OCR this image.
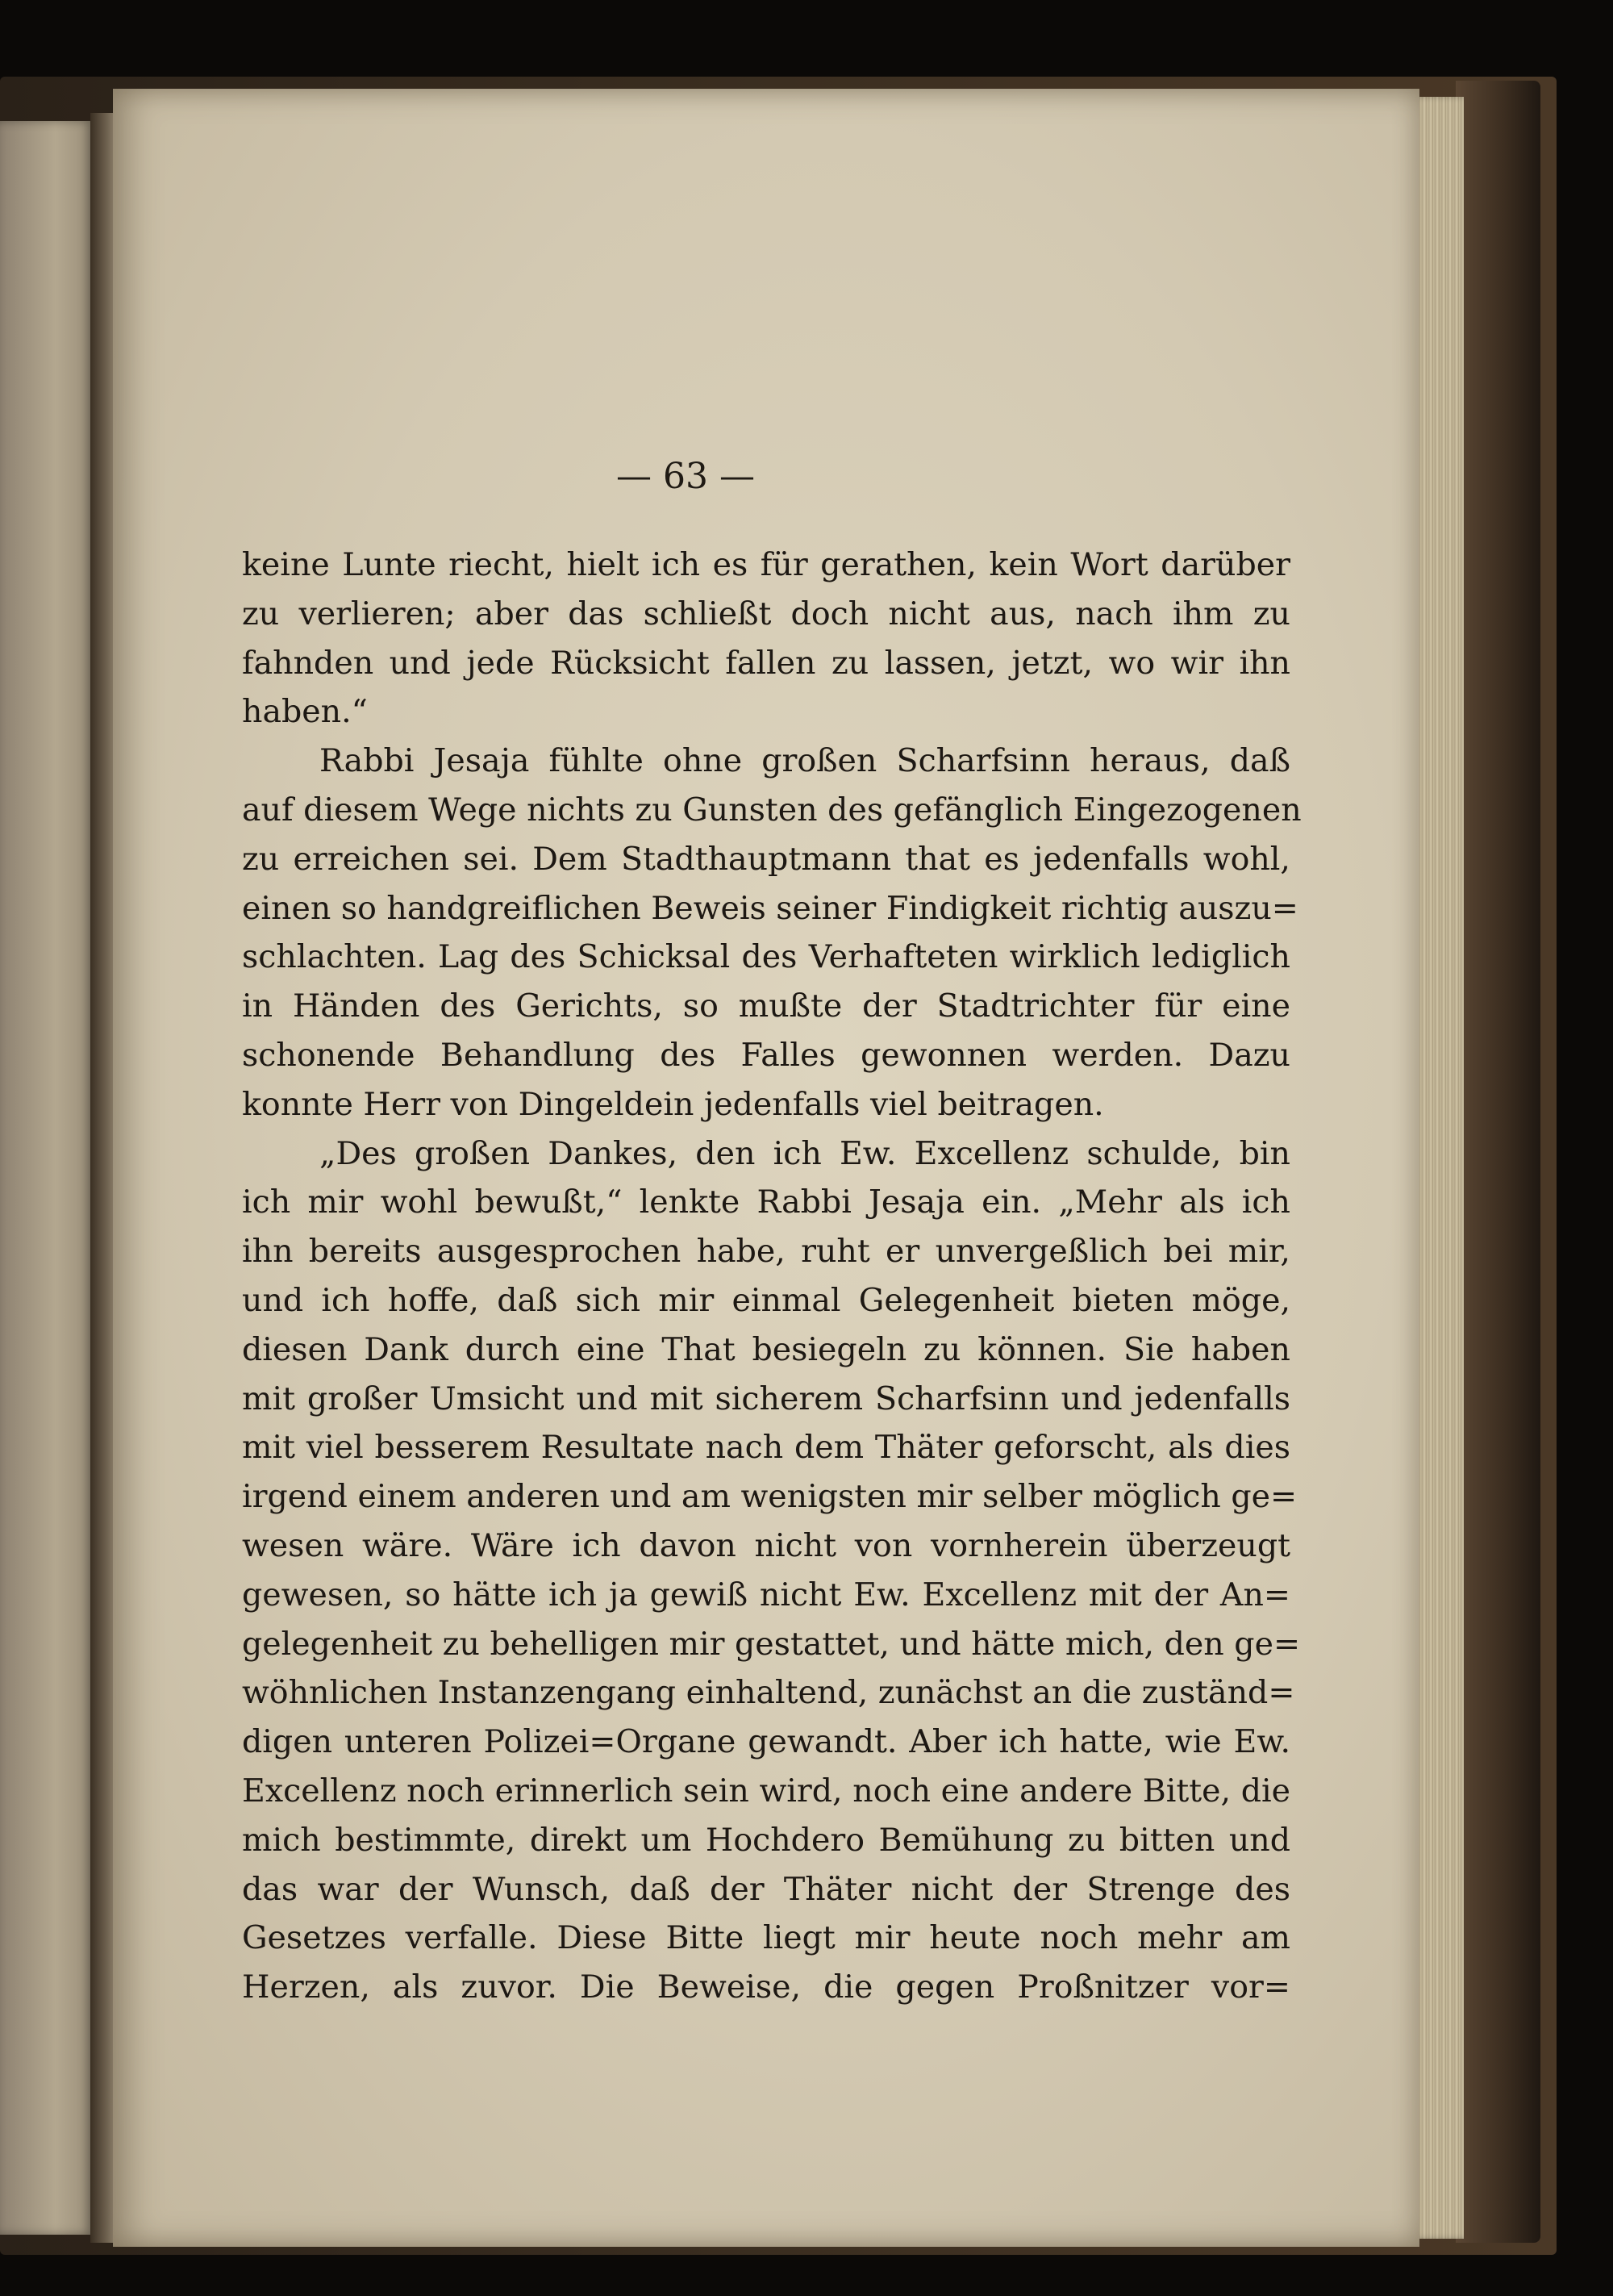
— 63 —
keine Lunte riecht, hielt ich es für gerathen, kein Wort darüber
zu verlieren; aber das schließt doch nicht aus, nach ihm zu
fahnden und jede Rücksicht fallen zu lassen, jetzt, wo wir ihn
haben.“
Rabbi Jesaja fühlte ohne großen Scharfsinn heraus, daß
auf diesem Wege nichts zu Gunsten des gefänglich Eingezogenen
zu erreichen sei. Dem Stadthauptmann that es jedenfalls wohl,
einen so handgreiflichen Beweis seiner Findigkeit richtig auszu=
schlachten. Lag des Schicksal des Verhafteten wirklich lediglich
in Händen des Gerichts, so mußte der Stadtrichter für eine
schonende Behandlung des Falles gewonnen werden. Dazu
konnte Herr von Dingeldein jedenfalls viel beitragen.
„Des großen Dankes, den ich Ew. Excellenz schulde, bin
ich mir wohl bewußt,“ lenkte Rabbi Jesaja ein. „Mehr als ich
ihn bereits ausgesprochen habe, ruht er unvergeßlich bei mir,
und ich hoffe, daß sich mir einmal Gelegenheit bieten möge,
diesen Dank durch eine That besiegeln zu können. Sie haben
mit großer Umsicht und mit sicherem Scharfsinn und jedenfalls
mit viel besserem Resultate nach dem Thäter geforscht, als dies
irgend einem anderen und am wenigsten mir selber möglich ge=
wesen wäre. Wäre ich davon nicht von vornherein überzeugt
gewesen, so hätte ich ja gewiß nicht Ew. Excellenz mit der An=
gelegenheit zu behelligen mir gestattet, und hätte mich, den ge=
wöhnlichen Instanzengang einhaltend, zunächst an die zuständ=
digen unteren Polizei=Organe gewandt. Aber ich hatte, wie Ew.
Excellenz noch erinnerlich sein wird, noch eine andere Bitte, die
mich bestimmte, direkt um Hochdero Bemühung zu bitten und
das war der Wunsch, daß der Thäter nicht der Strenge des
Gesetzes verfalle. Diese Bitte liegt mir heute noch mehr am
Herzen, als zuvor. Die Beweise, die gegen Proßnitzer vor=
